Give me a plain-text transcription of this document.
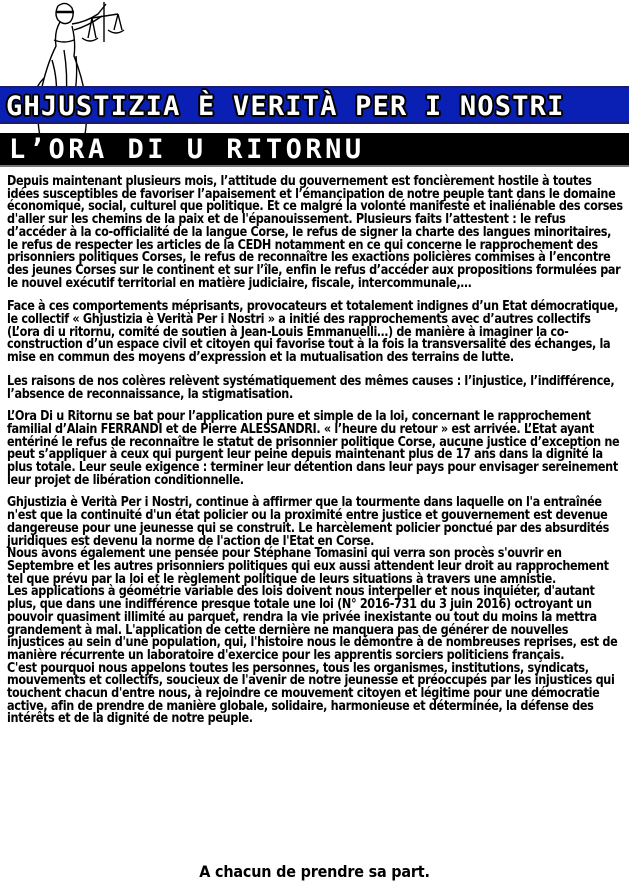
GHJUSTIZIA È VERITÀ PER I NOSTRI
L’ORA DI U RITORNU

Depuis maintenant plusieurs mois, l’attitude du gouvernement est foncièrement hostile à toutes idées susceptibles de favoriser l’apaisement et l’émancipation de notre peuple tant dans le domaine économique, social, culturel que politique. Et ce malgré la volonté manifeste et inaliénable des corses d'aller sur les chemins de la paix et de l'épanouissement. Plusieurs faits l’attestent : le refus d’accéder à la co-officialité de la langue Corse, le refus de signer la charte des langues minoritaires, le refus de respecter les articles de la CEDH notamment en ce qui concerne le rapprochement des prisonniers politiques Corses, le refus de reconnaître les exactions policières commises à l’encontre des jeunes Corses sur le continent et sur l’île, enfin le refus d’accéder aux propositions formulées par le nouvel exécutif territorial en matière judiciaire, fiscale, intercommunale,…

Face à ces comportements méprisants, provocateurs et totalement indignes d’un Etat démocratique, le collectif « Ghjustizia è Verità Per i Nostri » a initié des rapprochements avec d’autres collectifs (L’ora di u ritornu, comité de soutien à Jean-Louis Emmanuelli…) de manière à imaginer la co-construction d’un espace civil et citoyen qui favorise tout à la fois la transversalité des échanges, la mise en commun des moyens d’expression et la mutualisation des terrains de lutte.

Les raisons de nos colères relèvent systématiquement des mêmes causes : l’injustice, l’indifférence, l’absence de reconnaissance, la stigmatisation.

L’Ora Di u Ritornu se bat pour l’application pure et simple de la loi, concernant le rapprochement familial d’Alain FERRANDI et de Pierre ALESSANDRI. « l’heure du retour » est arrivée. L’Etat ayant entériné le refus de reconnaître le statut de prisonnier politique Corse, aucune justice d’exception ne peut s’appliquer à ceux qui purgent leur peine depuis maintenant plus de 17 ans dans la dignité la plus totale. Leur seule exigence : terminer leur détention dans leur pays pour envisager sereinement leur projet de libération conditionnelle.

Ghjustizia è Verità Per i Nostri, continue à affirmer que la tourmente dans laquelle on l'a entraînée n'est que la continuité d'un état policier ou la proximité entre justice et gouvernement est devenue dangereuse pour une jeunesse qui se construit. Le harcèlement policier ponctué par des absurdités juridiques est devenu la norme de l'action de l'Etat en Corse.

Nous avons également une pensée pour Stéphane Tomasini qui verra son procès s'ouvrir en Septembre et les autres prisonniers politiques qui eux aussi attendent leur droit au rapprochement tel que prévu par la loi et le règlement politique de leurs situations à travers une amnistie.

Les applications à géométrie variable des lois doivent nous interpeller et nous inquiéter, d'autant plus, que dans une indifférence presque totale une loi (N° 2016-731 du 3 juin 2016) octroyant un pouvoir quasiment illimité au parquet, rendra la vie privée inexistante ou tout du moins la mettra grandement à mal. L'application de cette dernière ne manquera pas de générer de nouvelles injustices au sein d'une population, qui, l'histoire nous le démontre à de nombreuses reprises, est de manière récurrente un laboratoire d'exercice pour les apprentis sorciers politiciens français.

C'est pourquoi nous appelons toutes les personnes, tous les organismes, institutions, syndicats, mouvements et collectifs, soucieux de l'avenir de notre jeunesse et préoccupés par les injustices qui touchent chacun d'entre nous, à rejoindre ce mouvement citoyen et légitime pour une démocratie active, afin de prendre de manière globale, solidaire, harmonieuse et déterminée, la défense des intérêts et de la dignité de notre peuple.

A chacun de prendre sa part.
